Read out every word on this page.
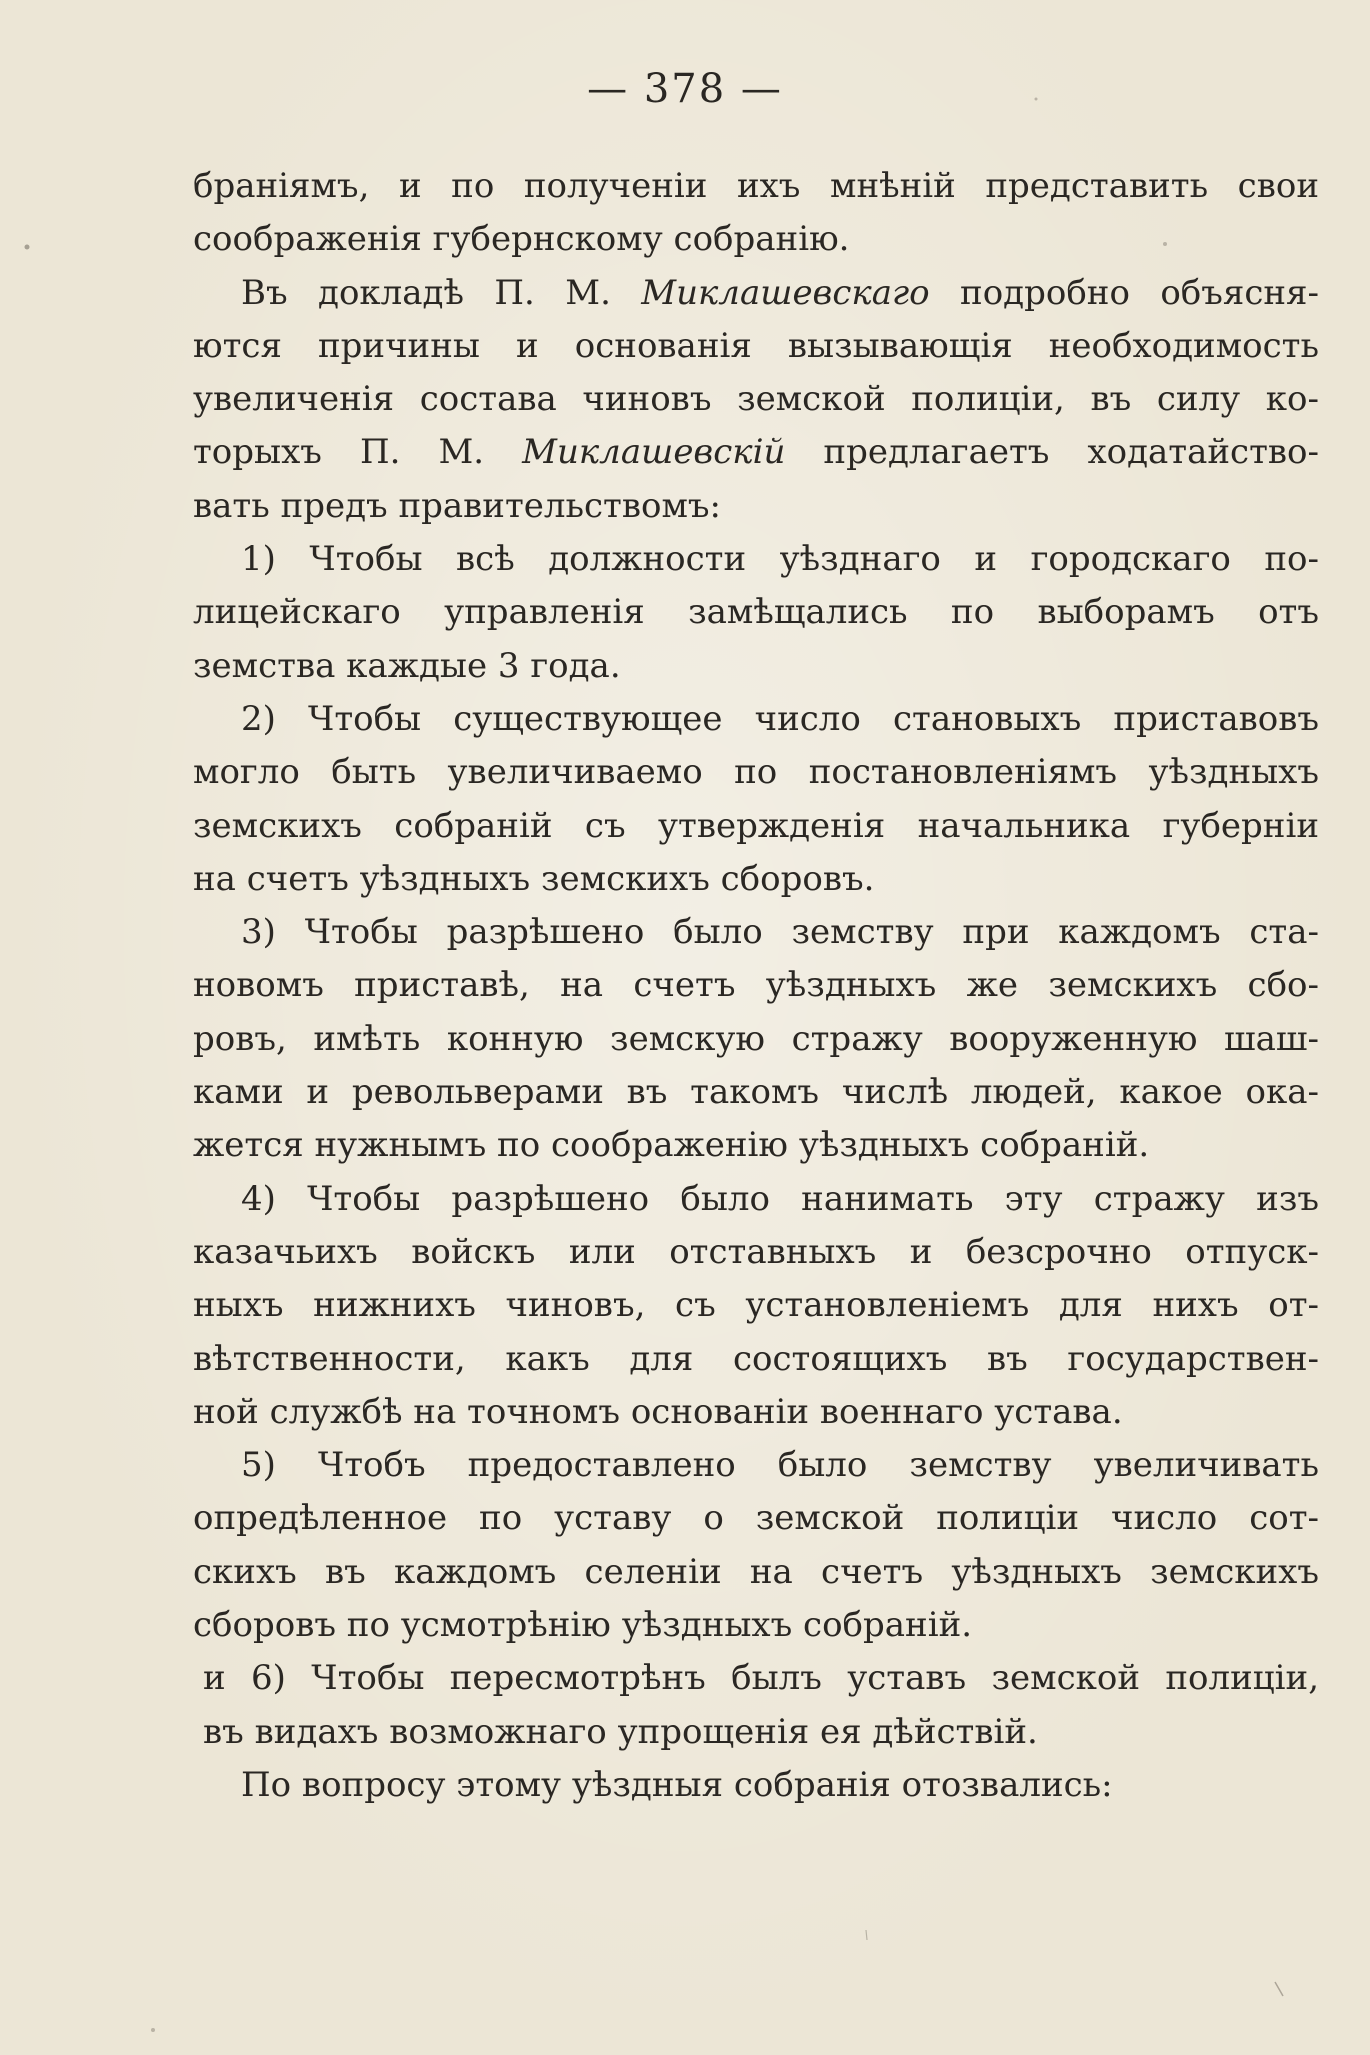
— 378 —

браніямъ, и по полученіи ихъ мнѣній представить свои
соображенія губернскому собранію.

Въ докладѣ П. М. Миклашевскаго подробно объясня-
ются причины и основанія вызывающія необходимость
увеличенія состава чиновъ земской полиціи, въ силу ко-
торыхъ П. М. Миклашевскій предлагаетъ ходатайство-
вать предъ правительствомъ:

1) Чтобы всѣ должности уѣзднаго и городскаго по-
лицейскаго управленія замѣщались по выборамъ отъ
земства каждые 3 года.

2) Чтобы существующее число становыхъ приставовъ
могло быть увеличиваемо по постановленіямъ уѣздныхъ
земскихъ собраній съ утвержденія начальника губерніи
на счетъ уѣздныхъ земскихъ сборовъ.

3) Чтобы разрѣшено было земству при каждомъ ста-
новомъ приставѣ, на счетъ уѣздныхъ же земскихъ сбо-
ровъ, имѣть конную земскую стражу вооруженную шаш-
ками и револьверами въ такомъ числѣ людей, какое ока-
жется нужнымъ по соображенію уѣздныхъ собраній.

4) Чтобы разрѣшено было нанимать эту стражу изъ
казачьихъ войскъ или отставныхъ и безсрочно отпуск-
ныхъ нижнихъ чиновъ, съ установленіемъ для нихъ от-
вѣтственности, какъ для состоящихъ въ государствен-
ной службѣ на точномъ основаніи военнаго устава.

5) Чтобъ предоставлено было земству увеличивать
опредѣленное по уставу о земской полиціи число сот-
скихъ въ каждомъ селеніи на счетъ уѣздныхъ земскихъ
сборовъ по усмотрѣнію уѣздныхъ собраній.

и 6) Чтобы пересмотрѣнъ былъ уставъ земской полиціи,
въ видахъ возможнаго упрощенія ея дѣйствій.

По вопросу этому уѣздныя собранія отозвались:
